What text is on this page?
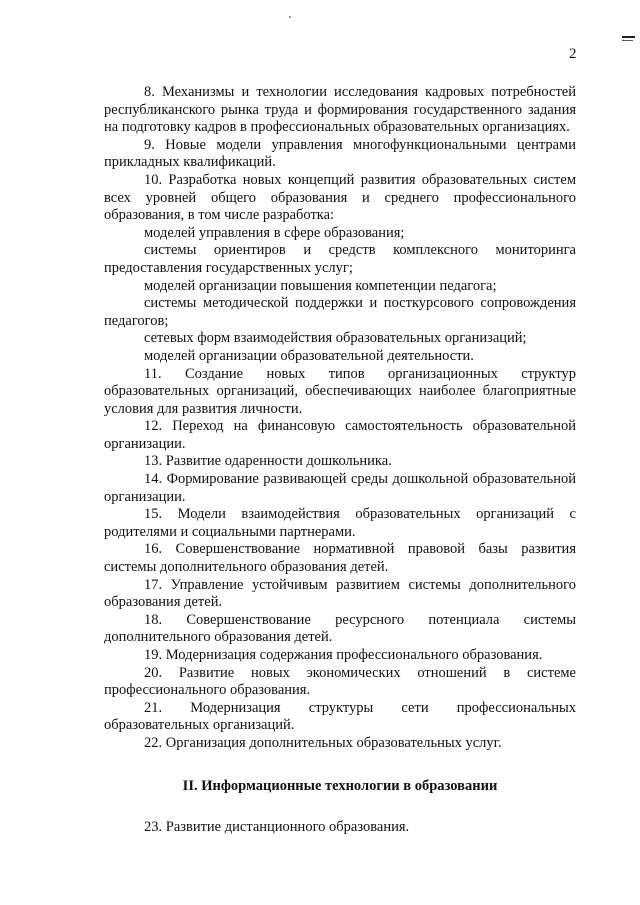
2

8. Механизмы и технологии исследования кадровых потребностей республиканского рынка труда и формирования государственного задания на подготовку кадров в профессиональных образовательных организациях.

9. Новые модели управления многофункциональными центрами прикладных квалификаций.

10. Разработка новых концепций развития образовательных систем всех уровней общего образования и среднего профессионального образования, в том числе разработка:

моделей управления в сфере образования;

системы ориентиров и средств комплексного мониторинга предоставления государственных услуг;

моделей организации повышения компетенции педагога;

системы методической поддержки и посткурсового сопровождения педагогов;

сетевых форм взаимодействия образовательных организаций;

моделей организации образовательной деятельности.

11. Создание новых типов организационных структур образовательных организаций, обеспечивающих наиболее благоприятные условия для развития личности.

12. Переход на финансовую самостоятельность образовательной организации.

13. Развитие одаренности дошкольника.

14. Формирование развивающей среды дошкольной образовательной организации.

15. Модели взаимодействия образовательных организаций с родителями и социальными партнерами.

16. Совершенствование нормативной правовой базы развития системы дополнительного образования детей.

17. Управление устойчивым развитием системы дополнительного образования детей.

18. Совершенствование ресурсного потенциала системы дополнительного образования детей.

19. Модернизация содержания профессионального образования.

20. Развитие новых экономических отношений в системе профессионального образования.

21. Модернизация структуры сети профессиональных образовательных организаций.

22. Организация дополнительных образовательных услуг.

II. Информационные технологии в образовании

23. Развитие дистанционного образования.
